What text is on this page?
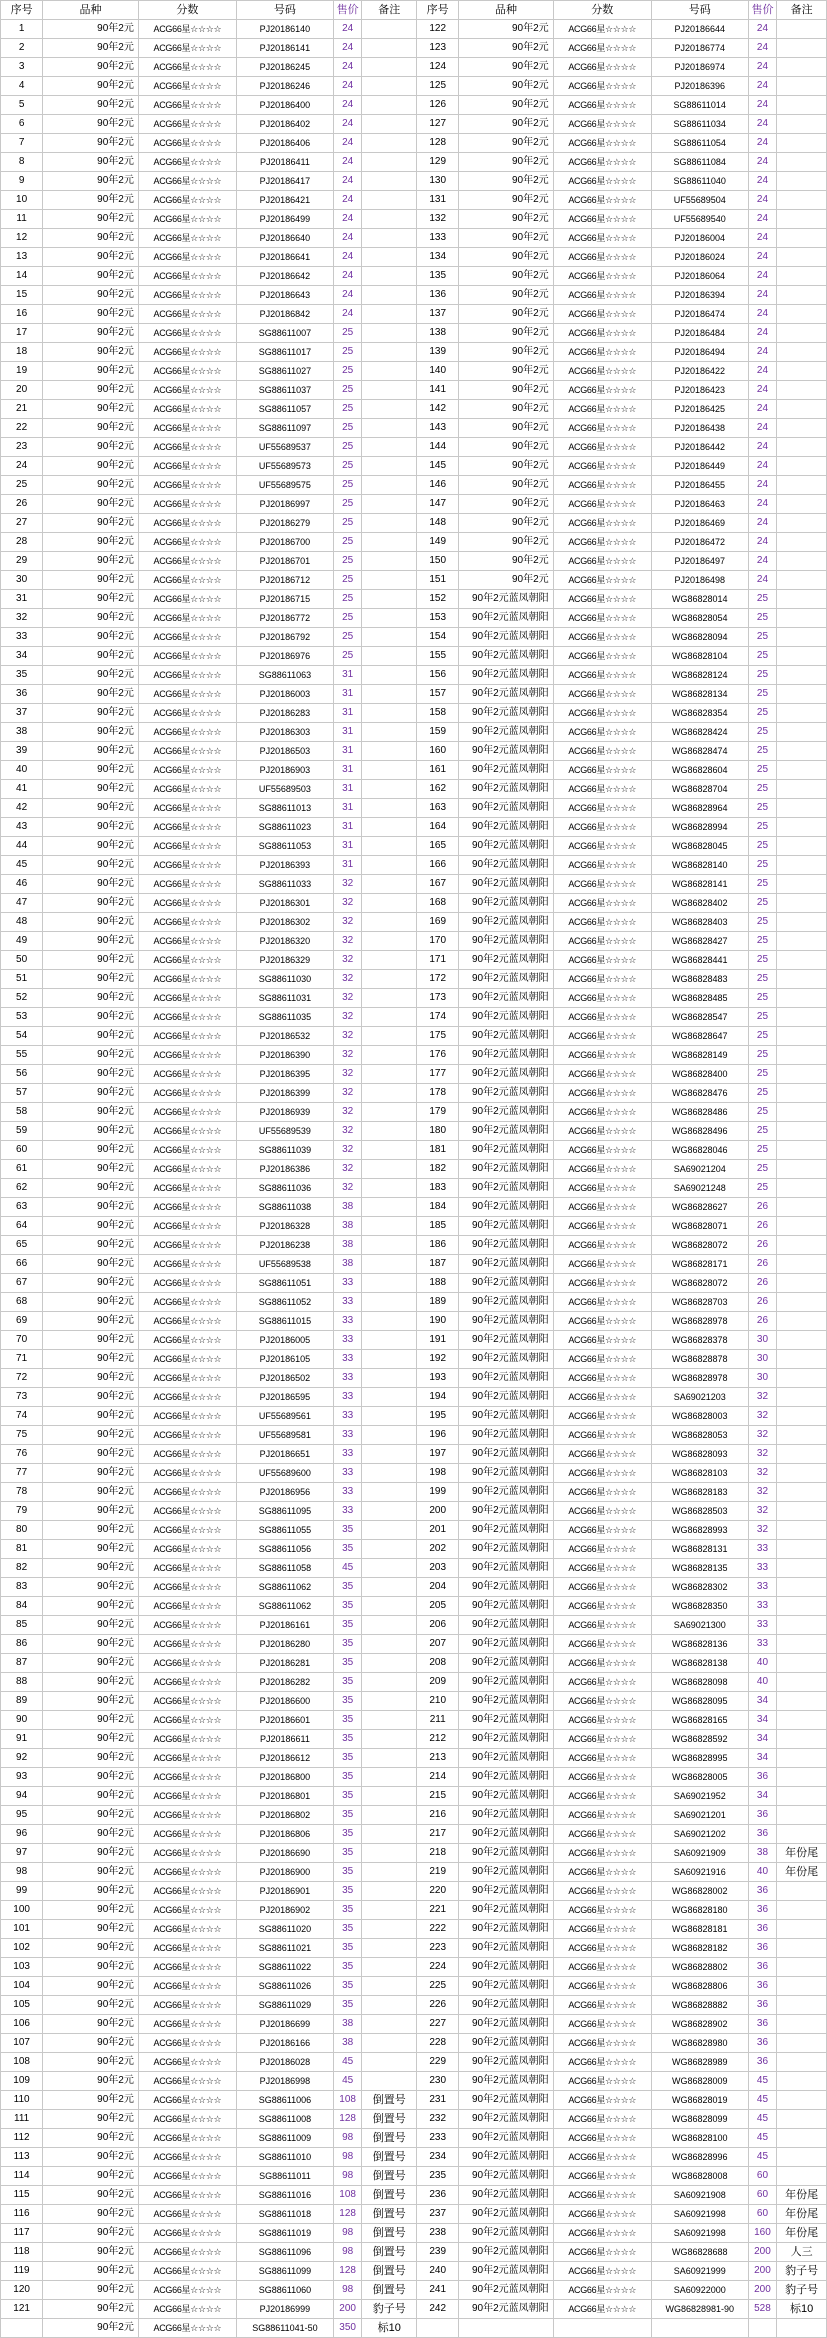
序号	品种	分数	号码	售价	备注	序号	品种	分数	号码	售价	备注
1	90年2元	ACG66星☆☆☆☆	PJ20186140	24		122	90年2元	ACG66星☆☆☆☆	PJ20186644	24	
2	90年2元	ACG66星☆☆☆☆	PJ20186141	24		123	90年2元	ACG66星☆☆☆☆	PJ20186774	24	
3	90年2元	ACG66星☆☆☆☆	PJ20186245	24		124	90年2元	ACG66星☆☆☆☆	PJ20186974	24	
4	90年2元	ACG66星☆☆☆☆	PJ20186246	24		125	90年2元	ACG66星☆☆☆☆	PJ20186396	24	
5	90年2元	ACG66星☆☆☆☆	PJ20186400	24		126	90年2元	ACG66星☆☆☆☆	SG88611014	24	
6	90年2元	ACG66星☆☆☆☆	PJ20186402	24		127	90年2元	ACG66星☆☆☆☆	SG88611034	24	
7	90年2元	ACG66星☆☆☆☆	PJ20186406	24		128	90年2元	ACG66星☆☆☆☆	SG88611054	24	
8	90年2元	ACG66星☆☆☆☆	PJ20186411	24		129	90年2元	ACG66星☆☆☆☆	SG88611084	24	
9	90年2元	ACG66星☆☆☆☆	PJ20186417	24		130	90年2元	ACG66星☆☆☆☆	SG88611040	24	
10	90年2元	ACG66星☆☆☆☆	PJ20186421	24		131	90年2元	ACG66星☆☆☆☆	UF55689504	24	
11	90年2元	ACG66星☆☆☆☆	PJ20186499	24		132	90年2元	ACG66星☆☆☆☆	UF55689540	24	
12	90年2元	ACG66星☆☆☆☆	PJ20186640	24		133	90年2元	ACG66星☆☆☆☆	PJ20186004	24	
13	90年2元	ACG66星☆☆☆☆	PJ20186641	24		134	90年2元	ACG66星☆☆☆☆	PJ20186024	24	
14	90年2元	ACG66星☆☆☆☆	PJ20186642	24		135	90年2元	ACG66星☆☆☆☆	PJ20186064	24	
15	90年2元	ACG66星☆☆☆☆	PJ20186643	24		136	90年2元	ACG66星☆☆☆☆	PJ20186394	24	
16	90年2元	ACG66星☆☆☆☆	PJ20186842	24		137	90年2元	ACG66星☆☆☆☆	PJ20186474	24	
17	90年2元	ACG66星☆☆☆☆	SG88611007	25		138	90年2元	ACG66星☆☆☆☆	PJ20186484	24	
18	90年2元	ACG66星☆☆☆☆	SG88611017	25		139	90年2元	ACG66星☆☆☆☆	PJ20186494	24	
19	90年2元	ACG66星☆☆☆☆	SG88611027	25		140	90年2元	ACG66星☆☆☆☆	PJ20186422	24	
20	90年2元	ACG66星☆☆☆☆	SG88611037	25		141	90年2元	ACG66星☆☆☆☆	PJ20186423	24	
21	90年2元	ACG66星☆☆☆☆	SG88611057	25		142	90年2元	ACG66星☆☆☆☆	PJ20186425	24	
22	90年2元	ACG66星☆☆☆☆	SG88611097	25		143	90年2元	ACG66星☆☆☆☆	PJ20186438	24	
23	90年2元	ACG66星☆☆☆☆	UF55689537	25		144	90年2元	ACG66星☆☆☆☆	PJ20186442	24	
24	90年2元	ACG66星☆☆☆☆	UF55689573	25		145	90年2元	ACG66星☆☆☆☆	PJ20186449	24	
25	90年2元	ACG66星☆☆☆☆	UF55689575	25		146	90年2元	ACG66星☆☆☆☆	PJ20186455	24	
26	90年2元	ACG66星☆☆☆☆	PJ20186997	25		147	90年2元	ACG66星☆☆☆☆	PJ20186463	24	
27	90年2元	ACG66星☆☆☆☆	PJ20186279	25		148	90年2元	ACG66星☆☆☆☆	PJ20186469	24	
28	90年2元	ACG66星☆☆☆☆	PJ20186700	25		149	90年2元	ACG66星☆☆☆☆	PJ20186472	24	
29	90年2元	ACG66星☆☆☆☆	PJ20186701	25		150	90年2元	ACG66星☆☆☆☆	PJ20186497	24	
30	90年2元	ACG66星☆☆☆☆	PJ20186712	25		151	90年2元	ACG66星☆☆☆☆	PJ20186498	24	
31	90年2元	ACG66星☆☆☆☆	PJ20186715	25		152	90年2元蓝凤朝阳	ACG66星☆☆☆☆	WG86828014	25	
32	90年2元	ACG66星☆☆☆☆	PJ20186772	25		153	90年2元蓝凤朝阳	ACG66星☆☆☆☆	WG86828054	25	
33	90年2元	ACG66星☆☆☆☆	PJ20186792	25		154	90年2元蓝凤朝阳	ACG66星☆☆☆☆	WG86828094	25	
34	90年2元	ACG66星☆☆☆☆	PJ20186976	25		155	90年2元蓝凤朝阳	ACG66星☆☆☆☆	WG86828104	25	
35	90年2元	ACG66星☆☆☆☆	SG88611063	31		156	90年2元蓝凤朝阳	ACG66星☆☆☆☆	WG86828124	25	
36	90年2元	ACG66星☆☆☆☆	PJ20186003	31		157	90年2元蓝凤朝阳	ACG66星☆☆☆☆	WG86828134	25	
37	90年2元	ACG66星☆☆☆☆	PJ20186283	31		158	90年2元蓝凤朝阳	ACG66星☆☆☆☆	WG86828354	25	
38	90年2元	ACG66星☆☆☆☆	PJ20186303	31		159	90年2元蓝凤朝阳	ACG66星☆☆☆☆	WG86828424	25	
39	90年2元	ACG66星☆☆☆☆	PJ20186503	31		160	90年2元蓝凤朝阳	ACG66星☆☆☆☆	WG86828474	25	
40	90年2元	ACG66星☆☆☆☆	PJ20186903	31		161	90年2元蓝凤朝阳	ACG66星☆☆☆☆	WG86828604	25	
41	90年2元	ACG66星☆☆☆☆	UF55689503	31		162	90年2元蓝凤朝阳	ACG66星☆☆☆☆	WG86828704	25	
42	90年2元	ACG66星☆☆☆☆	SG88611013	31		163	90年2元蓝凤朝阳	ACG66星☆☆☆☆	WG86828964	25	
43	90年2元	ACG66星☆☆☆☆	SG88611023	31		164	90年2元蓝凤朝阳	ACG66星☆☆☆☆	WG86828994	25	
44	90年2元	ACG66星☆☆☆☆	SG88611053	31		165	90年2元蓝凤朝阳	ACG66星☆☆☆☆	WG86828045	25	
45	90年2元	ACG66星☆☆☆☆	PJ20186393	31		166	90年2元蓝凤朝阳	ACG66星☆☆☆☆	WG86828140	25	
46	90年2元	ACG66星☆☆☆☆	SG88611033	32		167	90年2元蓝凤朝阳	ACG66星☆☆☆☆	WG86828141	25	
47	90年2元	ACG66星☆☆☆☆	PJ20186301	32		168	90年2元蓝凤朝阳	ACG66星☆☆☆☆	WG86828402	25	
48	90年2元	ACG66星☆☆☆☆	PJ20186302	32		169	90年2元蓝凤朝阳	ACG66星☆☆☆☆	WG86828403	25	
49	90年2元	ACG66星☆☆☆☆	PJ20186320	32		170	90年2元蓝凤朝阳	ACG66星☆☆☆☆	WG86828427	25	
50	90年2元	ACG66星☆☆☆☆	PJ20186329	32		171	90年2元蓝凤朝阳	ACG66星☆☆☆☆	WG86828441	25	
51	90年2元	ACG66星☆☆☆☆	SG88611030	32		172	90年2元蓝凤朝阳	ACG66星☆☆☆☆	WG86828483	25	
52	90年2元	ACG66星☆☆☆☆	SG88611031	32		173	90年2元蓝凤朝阳	ACG66星☆☆☆☆	WG86828485	25	
53	90年2元	ACG66星☆☆☆☆	SG88611035	32		174	90年2元蓝凤朝阳	ACG66星☆☆☆☆	WG86828547	25	
54	90年2元	ACG66星☆☆☆☆	PJ20186532	32		175	90年2元蓝凤朝阳	ACG66星☆☆☆☆	WG86828647	25	
55	90年2元	ACG66星☆☆☆☆	PJ20186390	32		176	90年2元蓝凤朝阳	ACG66星☆☆☆☆	WG86828149	25	
56	90年2元	ACG66星☆☆☆☆	PJ20186395	32		177	90年2元蓝凤朝阳	ACG66星☆☆☆☆	WG86828400	25	
57	90年2元	ACG66星☆☆☆☆	PJ20186399	32		178	90年2元蓝凤朝阳	ACG66星☆☆☆☆	WG86828476	25	
58	90年2元	ACG66星☆☆☆☆	PJ20186939	32		179	90年2元蓝凤朝阳	ACG66星☆☆☆☆	WG86828486	25	
59	90年2元	ACG66星☆☆☆☆	UF55689539	32		180	90年2元蓝凤朝阳	ACG66星☆☆☆☆	WG86828496	25	
60	90年2元	ACG66星☆☆☆☆	SG88611039	32		181	90年2元蓝凤朝阳	ACG66星☆☆☆☆	WG86828046	25	
61	90年2元	ACG66星☆☆☆☆	PJ20186386	32		182	90年2元蓝凤朝阳	ACG66星☆☆☆☆	SA69021204	25	
62	90年2元	ACG66星☆☆☆☆	SG88611036	32		183	90年2元蓝凤朝阳	ACG66星☆☆☆☆	SA69021248	25	
63	90年2元	ACG66星☆☆☆☆	SG88611038	38		184	90年2元蓝凤朝阳	ACG66星☆☆☆☆	WG86828627	26	
64	90年2元	ACG66星☆☆☆☆	PJ20186328	38		185	90年2元蓝凤朝阳	ACG66星☆☆☆☆	WG86828071	26	
65	90年2元	ACG66星☆☆☆☆	PJ20186238	38		186	90年2元蓝凤朝阳	ACG66星☆☆☆☆	WG86828072	26	
66	90年2元	ACG66星☆☆☆☆	UF55689538	38		187	90年2元蓝凤朝阳	ACG66星☆☆☆☆	WG86828171	26	
67	90年2元	ACG66星☆☆☆☆	SG88611051	33		188	90年2元蓝凤朝阳	ACG66星☆☆☆☆	WG86828072	26	
68	90年2元	ACG66星☆☆☆☆	SG88611052	33		189	90年2元蓝凤朝阳	ACG66星☆☆☆☆	WG86828703	26	
69	90年2元	ACG66星☆☆☆☆	SG88611015	33		190	90年2元蓝凤朝阳	ACG66星☆☆☆☆	WG86828978	26	
70	90年2元	ACG66星☆☆☆☆	PJ20186005	33		191	90年2元蓝凤朝阳	ACG66星☆☆☆☆	WG86828378	30	
71	90年2元	ACG66星☆☆☆☆	PJ20186105	33		192	90年2元蓝凤朝阳	ACG66星☆☆☆☆	WG86828878	30	
72	90年2元	ACG66星☆☆☆☆	PJ20186502	33		193	90年2元蓝凤朝阳	ACG66星☆☆☆☆	WG86828978	30	
73	90年2元	ACG66星☆☆☆☆	PJ20186595	33		194	90年2元蓝凤朝阳	ACG66星☆☆☆☆	SA69021203	32	
74	90年2元	ACG66星☆☆☆☆	UF55689561	33		195	90年2元蓝凤朝阳	ACG66星☆☆☆☆	WG86828003	32	
75	90年2元	ACG66星☆☆☆☆	UF55689581	33		196	90年2元蓝凤朝阳	ACG66星☆☆☆☆	WG86828053	32	
76	90年2元	ACG66星☆☆☆☆	PJ20186651	33		197	90年2元蓝凤朝阳	ACG66星☆☆☆☆	WG86828093	32	
77	90年2元	ACG66星☆☆☆☆	UF55689600	33		198	90年2元蓝凤朝阳	ACG66星☆☆☆☆	WG86828103	32	
78	90年2元	ACG66星☆☆☆☆	PJ20186956	33		199	90年2元蓝凤朝阳	ACG66星☆☆☆☆	WG86828183	32	
79	90年2元	ACG66星☆☆☆☆	SG88611095	33		200	90年2元蓝凤朝阳	ACG66星☆☆☆☆	WG86828503	32	
80	90年2元	ACG66星☆☆☆☆	SG88611055	35		201	90年2元蓝凤朝阳	ACG66星☆☆☆☆	WG86828993	32	
81	90年2元	ACG66星☆☆☆☆	SG88611056	35		202	90年2元蓝凤朝阳	ACG66星☆☆☆☆	WG86828131	33	
82	90年2元	ACG66星☆☆☆☆	SG88611058	45		203	90年2元蓝凤朝阳	ACG66星☆☆☆☆	WG86828135	33	
83	90年2元	ACG66星☆☆☆☆	SG88611062	35		204	90年2元蓝凤朝阳	ACG66星☆☆☆☆	WG86828302	33	
84	90年2元	ACG66星☆☆☆☆	SG88611062	35		205	90年2元蓝凤朝阳	ACG66星☆☆☆☆	WG86828350	33	
85	90年2元	ACG66星☆☆☆☆	PJ20186161	35		206	90年2元蓝凤朝阳	ACG66星☆☆☆☆	SA69021300	33	
86	90年2元	ACG66星☆☆☆☆	PJ20186280	35		207	90年2元蓝凤朝阳	ACG66星☆☆☆☆	WG86828136	33	
87	90年2元	ACG66星☆☆☆☆	PJ20186281	35		208	90年2元蓝凤朝阳	ACG66星☆☆☆☆	WG86828138	40	
88	90年2元	ACG66星☆☆☆☆	PJ20186282	35		209	90年2元蓝凤朝阳	ACG66星☆☆☆☆	WG86828098	40	
89	90年2元	ACG66星☆☆☆☆	PJ20186600	35		210	90年2元蓝凤朝阳	ACG66星☆☆☆☆	WG86828095	34	
90	90年2元	ACG66星☆☆☆☆	PJ20186601	35		211	90年2元蓝凤朝阳	ACG66星☆☆☆☆	WG86828165	34	
91	90年2元	ACG66星☆☆☆☆	PJ20186611	35		212	90年2元蓝凤朝阳	ACG66星☆☆☆☆	WG86828592	34	
92	90年2元	ACG66星☆☆☆☆	PJ20186612	35		213	90年2元蓝凤朝阳	ACG66星☆☆☆☆	WG86828995	34	
93	90年2元	ACG66星☆☆☆☆	PJ20186800	35		214	90年2元蓝凤朝阳	ACG66星☆☆☆☆	WG86828005	36	
94	90年2元	ACG66星☆☆☆☆	PJ20186801	35		215	90年2元蓝凤朝阳	ACG66星☆☆☆☆	SA69021952	34	
95	90年2元	ACG66星☆☆☆☆	PJ20186802	35		216	90年2元蓝凤朝阳	ACG66星☆☆☆☆	SA69021201	36	
96	90年2元	ACG66星☆☆☆☆	PJ20186806	35		217	90年2元蓝凤朝阳	ACG66星☆☆☆☆	SA69021202	36	
97	90年2元	ACG66星☆☆☆☆	PJ20186690	35		218	90年2元蓝凤朝阳	ACG66星☆☆☆☆	SA60921909	38	年份尾
98	90年2元	ACG66星☆☆☆☆	PJ20186900	35		219	90年2元蓝凤朝阳	ACG66星☆☆☆☆	SA60921916	40	年份尾
99	90年2元	ACG66星☆☆☆☆	PJ20186901	35		220	90年2元蓝凤朝阳	ACG66星☆☆☆☆	WG86828002	36	
100	90年2元	ACG66星☆☆☆☆	PJ20186902	35		221	90年2元蓝凤朝阳	ACG66星☆☆☆☆	WG86828180	36	
101	90年2元	ACG66星☆☆☆☆	SG88611020	35		222	90年2元蓝凤朝阳	ACG66星☆☆☆☆	WG86828181	36	
102	90年2元	ACG66星☆☆☆☆	SG88611021	35		223	90年2元蓝凤朝阳	ACG66星☆☆☆☆	WG86828182	36	
103	90年2元	ACG66星☆☆☆☆	SG88611022	35		224	90年2元蓝凤朝阳	ACG66星☆☆☆☆	WG86828802	36	
104	90年2元	ACG66星☆☆☆☆	SG88611026	35		225	90年2元蓝凤朝阳	ACG66星☆☆☆☆	WG86828806	36	
105	90年2元	ACG66星☆☆☆☆	SG88611029	35		226	90年2元蓝凤朝阳	ACG66星☆☆☆☆	WG86828882	36	
106	90年2元	ACG66星☆☆☆☆	PJ20186699	38		227	90年2元蓝凤朝阳	ACG66星☆☆☆☆	WG86828902	36	
107	90年2元	ACG66星☆☆☆☆	PJ20186166	38		228	90年2元蓝凤朝阳	ACG66星☆☆☆☆	WG86828980	36	
108	90年2元	ACG66星☆☆☆☆	PJ20186028	45		229	90年2元蓝凤朝阳	ACG66星☆☆☆☆	WG86828989	36	
109	90年2元	ACG66星☆☆☆☆	PJ20186998	45		230	90年2元蓝凤朝阳	ACG66星☆☆☆☆	WG86828009	45	
110	90年2元	ACG66星☆☆☆☆	SG88611006	108	倒置号	231	90年2元蓝凤朝阳	ACG66星☆☆☆☆	WG86828019	45	
111	90年2元	ACG66星☆☆☆☆	SG88611008	128	倒置号	232	90年2元蓝凤朝阳	ACG66星☆☆☆☆	WG86828099	45	
112	90年2元	ACG66星☆☆☆☆	SG88611009	98	倒置号	233	90年2元蓝凤朝阳	ACG66星☆☆☆☆	WG86828100	45	
113	90年2元	ACG66星☆☆☆☆	SG88611010	98	倒置号	234	90年2元蓝凤朝阳	ACG66星☆☆☆☆	WG86828996	45	
114	90年2元	ACG66星☆☆☆☆	SG88611011	98	倒置号	235	90年2元蓝凤朝阳	ACG66星☆☆☆☆	WG86828008	60	
115	90年2元	ACG66星☆☆☆☆	SG88611016	108	倒置号	236	90年2元蓝凤朝阳	ACG66星☆☆☆☆	SA60921908	60	年份尾
116	90年2元	ACG66星☆☆☆☆	SG88611018	128	倒置号	237	90年2元蓝凤朝阳	ACG66星☆☆☆☆	SA60921998	60	年份尾
117	90年2元	ACG66星☆☆☆☆	SG88611019	98	倒置号	238	90年2元蓝凤朝阳	ACG66星☆☆☆☆	SA60921998	160	年份尾
118	90年2元	ACG66星☆☆☆☆	SG88611096	98	倒置号	239	90年2元蓝凤朝阳	ACG66星☆☆☆☆	WG86828688	200	人三
119	90年2元	ACG66星☆☆☆☆	SG88611099	128	倒置号	240	90年2元蓝凤朝阳	ACG66星☆☆☆☆	SA60921999	200	豹子号
120	90年2元	ACG66星☆☆☆☆	SG88611060	98	倒置号	241	90年2元蓝凤朝阳	ACG66星☆☆☆☆	SA60922000	200	豹子号
121	90年2元	ACG66星☆☆☆☆	PJ20186999	200	豹子号	242	90年2元蓝凤朝阳	ACG66星☆☆☆☆	WG86828981-90	528	标10
	90年2元	ACG66星☆☆☆☆	SG88611041-50	350	标10						
